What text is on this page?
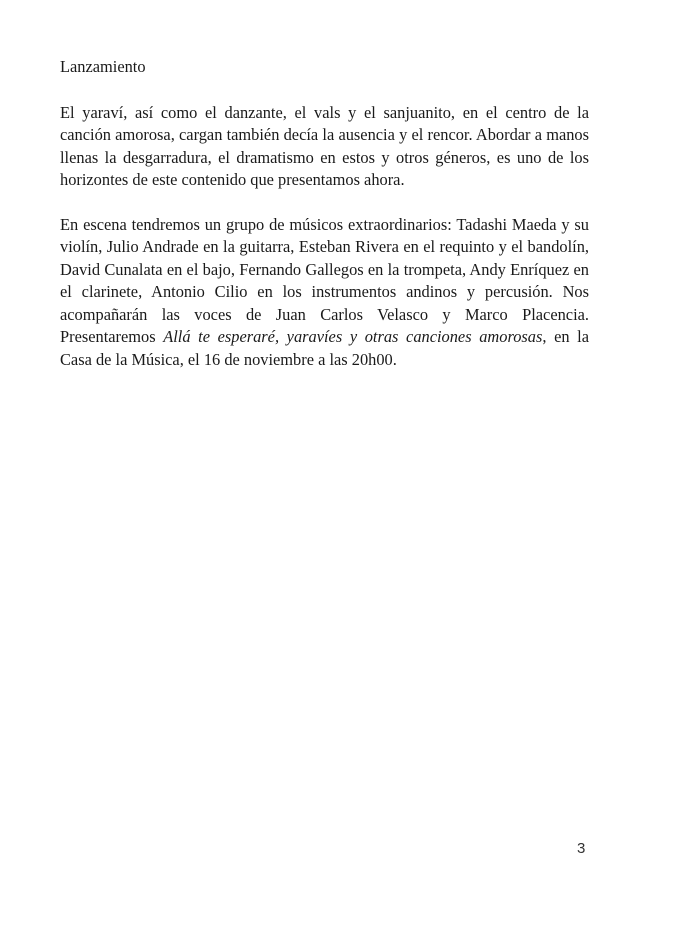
Lanzamiento

El yaraví, así como el danzante, el vals y el sanjuanito, en el centro de la canción amorosa, cargan también decía la ausencia y el rencor. Abordar a manos llenas la desgarradura, el dramatismo en estos y otros géneros, es uno de los horizontes de este contenido que presentamos ahora.

En escena tendremos un grupo de músicos extraordinarios: Tadashi Maeda y su violín, Julio Andrade en la guitarra, Esteban Rivera en el requinto y el bandolín, David Cunalata en el bajo, Fernando Gallegos en la trompeta, Andy Enríquez en el clarinete, Antonio Cilio en los instrumentos andinos y percusión. Nos acompañarán las voces de Juan Carlos Velasco y Marco Placencia. Presentaremos Allá te esperaré, yaravíes y otras canciones amorosas, en la Casa de la Música, el 16 de noviembre a las 20h00.

3
